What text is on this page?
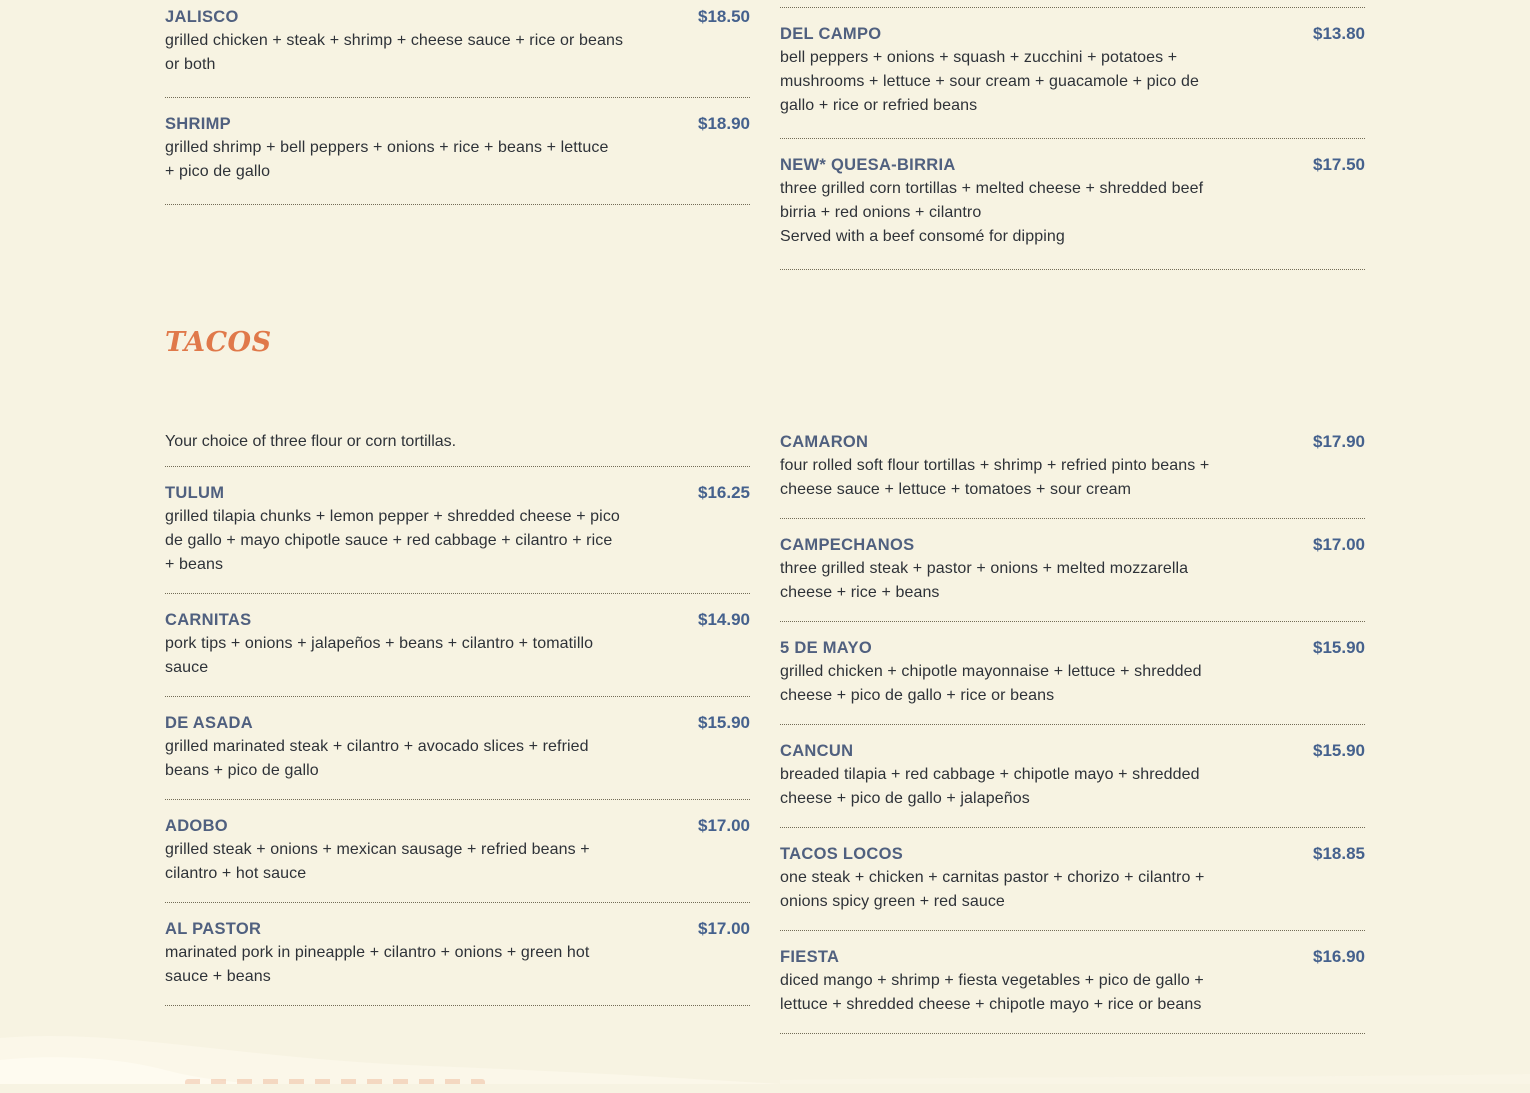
JALISCO	$18.50
grilled chicken + steak + shrimp + cheese sauce + rice or beans
or both
SHRIMP	$18.90
grilled shrimp + bell peppers + onions + rice + beans + lettuce
+ pico de gallo
DEL CAMPO	$13.80
bell peppers + onions + squash + zucchini + potatoes +
mushrooms + lettuce + sour cream + guacamole + pico de
gallo + rice or refried beans
NEW* QUESA-BIRRIA	$17.50
three grilled corn tortillas + melted cheese + shredded beef
birria + red onions + cilantro
Served with a beef consomé for dipping
TACOS
Your choice of three flour or corn tortillas.
TULUM	$16.25
grilled tilapia chunks + lemon pepper + shredded cheese + pico
de gallo + mayo chipotle sauce + red cabbage + cilantro + rice
+ beans
CARNITAS	$14.90
pork tips + onions + jalapeños + beans + cilantro + tomatillo
sauce
DE ASADA	$15.90
grilled marinated steak + cilantro + avocado slices + refried
beans + pico de gallo
ADOBO	$17.00
grilled steak + onions + mexican sausage + refried beans +
cilantro + hot sauce
AL PASTOR	$17.00
marinated pork in pineapple + cilantro + onions + green hot
sauce + beans
CAMARON	$17.90
four rolled soft flour tortillas + shrimp + refried pinto beans +
cheese sauce + lettuce + tomatoes + sour cream
CAMPECHANOS	$17.00
three grilled steak + pastor + onions + melted mozzarella
cheese + rice + beans
5 DE MAYO	$15.90
grilled chicken + chipotle mayonnaise + lettuce + shredded
cheese + pico de gallo + rice or beans
CANCUN	$15.90
breaded tilapia + red cabbage + chipotle mayo + shredded
cheese + pico de gallo + jalapeños
TACOS LOCOS	$18.85
one steak + chicken + carnitas pastor + chorizo + cilantro +
onions spicy green + red sauce
FIESTA	$16.90
diced mango + shrimp + fiesta vegetables + pico de gallo +
lettuce + shredded cheese + chipotle mayo + rice or beans
